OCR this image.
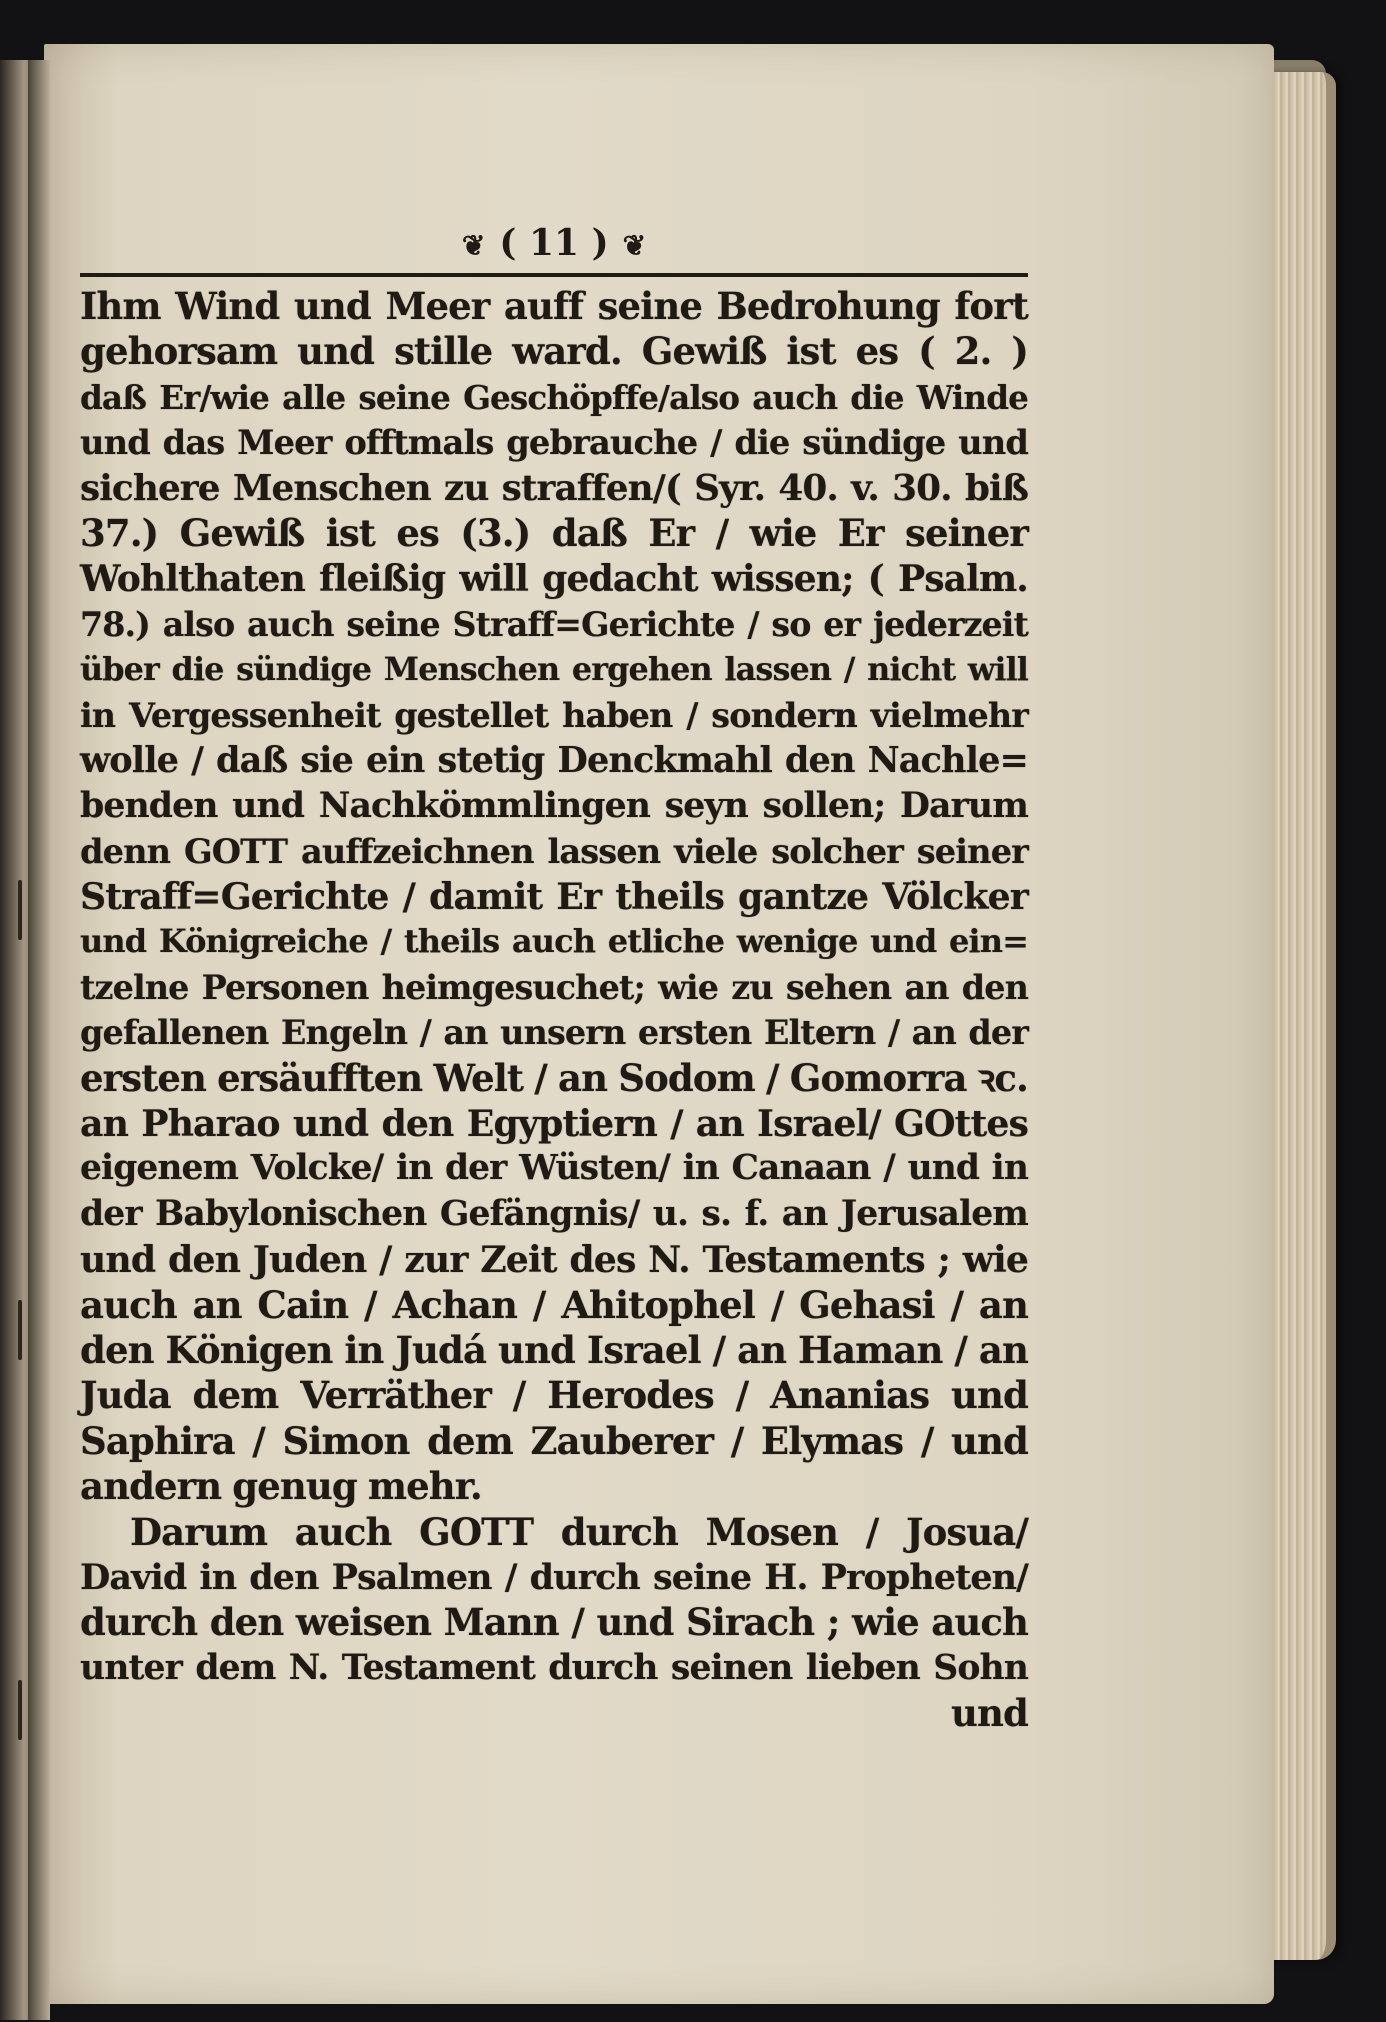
❦ ( 11 ) ❦
Ihm Wind und Meer auff seine Bedrohung fort
gehorsam und stille ward. Gewiß ist es ( 2. )
daß Er/wie alle seine Geschöpffe/also auch die Winde
und das Meer offtmals gebrauche / die sündige und
sichere Menschen zu straffen/( Syr. 40. v. 30. biß
37.) Gewiß ist es (3.) daß Er / wie Er seiner
Wohlthaten fleißig will gedacht wissen; ( Psalm.
78.) also auch seine Straff=Gerichte / so er jederzeit
über die sündige Menschen ergehen lassen / nicht will
in Vergessenheit gestellet haben / sondern vielmehr
wolle / daß sie ein stetig Denckmahl den Nachle=
benden und Nachkömmlingen seyn sollen; Darum
denn GOTT auffzeichnen lassen viele solcher seiner
Straff=Gerichte / damit Er theils gantze Völcker
und Königreiche / theils auch etliche wenige und ein=
tzelne Personen heimgesuchet; wie zu sehen an den
gefallenen Engeln / an unsern ersten Eltern / an der
ersten ersäufften Welt / an Sodom / Gomorra ꝛc.
an Pharao und den Egyptiern / an Israel/ GOttes
eigenem Volcke/ in der Wüsten/ in Canaan / und in
der Babylonischen Gefängnis/ u. s. f. an Jerusalem
und den Juden / zur Zeit des N. Testaments ; wie
auch an Cain / Achan / Ahitophel / Gehasi / an
den Königen in Judá und Israel / an Haman / an
Juda dem Verräther / Herodes / Ananias und
Saphira / Simon dem Zauberer / Elymas / und
andern genug mehr.
Darum auch GOTT durch Mosen / Josua/
David in den Psalmen / durch seine H. Propheten/
durch den weisen Mann / und Sirach ; wie auch
unter dem N. Testament durch seinen lieben Sohn
und
